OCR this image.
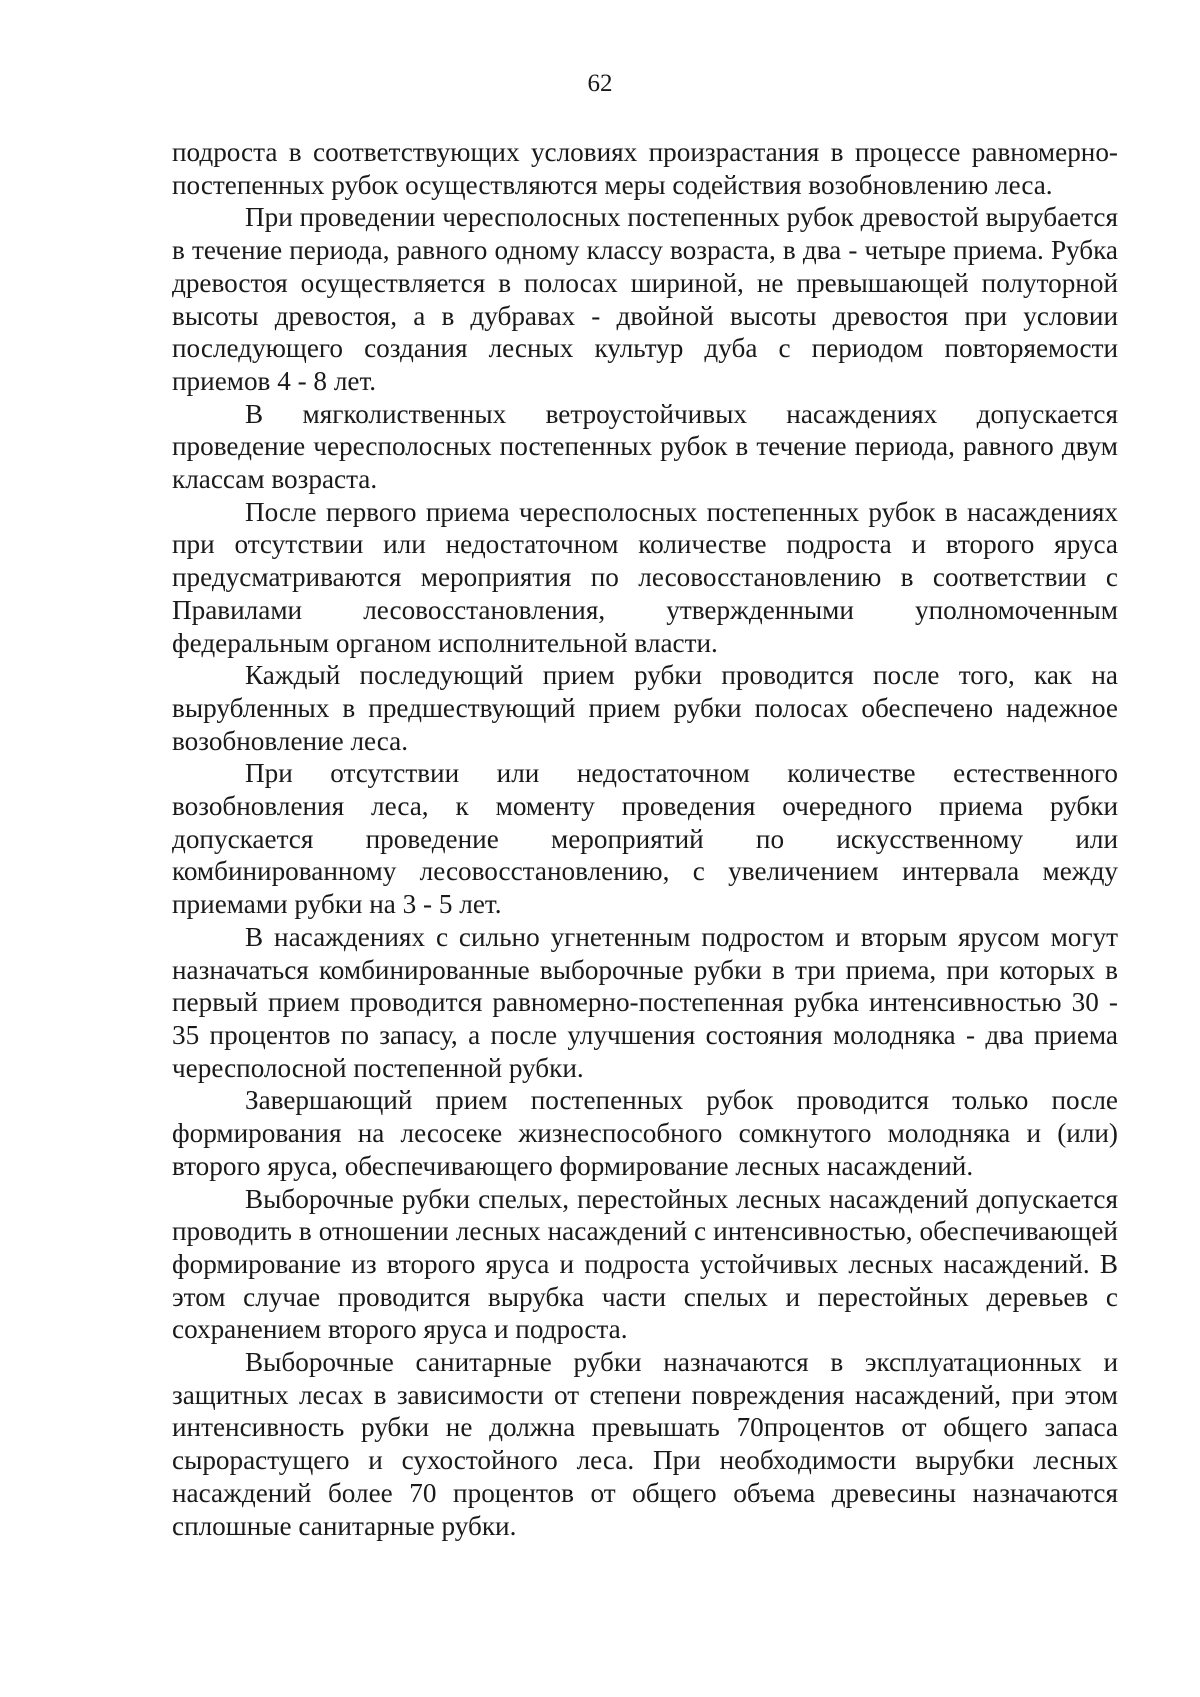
62

подроста в соответствующих условиях произрастания в процессе равномерно-постепенных рубок осуществляются меры содействия возобновлению леса.

При проведении чересполосных постепенных рубок древостой вырубается в течение периода, равного одному классу возраста, в два - четыре приема. Рубка древостоя осуществляется в полосах шириной, не превышающей полуторной высоты древостоя, а в дубравах - двойной высоты древостоя при условии последующего создания лесных культур дуба с периодом повторяемости приемов 4 - 8 лет.

В мягколиственных ветроустойчивых насаждениях допускается проведение чересполосных постепенных рубок в течение периода, равного двум классам возраста.

После первого приема чересполосных постепенных рубок в насаждениях при отсутствии или недостаточном количестве подроста и второго яруса предусматриваются мероприятия по лесовосстановлению в соответствии с Правилами лесовосстановления, утвержденными уполномоченным федеральным органом исполнительной власти.

Каждый последующий прием рубки проводится после того, как на вырубленных в предшествующий прием рубки полосах обеспечено надежное возобновление леса.

При отсутствии или недостаточном количестве естественного возобновления леса, к моменту проведения очередного приема рубки допускается проведение мероприятий по искусственному или комбинированному лесовосстановлению, с увеличением интервала между приемами рубки на 3 - 5 лет.

В насаждениях с сильно угнетенным подростом и вторым ярусом могут назначаться комбинированные выборочные рубки в три приема, при которых в первый прием проводится равномерно-постепенная рубка интенсивностью 30 - 35 процентов по запасу, а после улучшения состояния молодняка - два приема чересполосной постепенной рубки.

Завершающий прием постепенных рубок проводится только после формирования на лесосеке жизнеспособного сомкнутого молодняка и (или) второго яруса, обеспечивающего формирование лесных насаждений.

Выборочные рубки спелых, перестойных лесных насаждений допускается проводить в отношении лесных насаждений с интенсивностью, обеспечивающей формирование из второго яруса и подроста устойчивых лесных насаждений. В этом случае проводится вырубка части спелых и перестойных деревьев с сохранением второго яруса и подроста.

Выборочные санитарные рубки назначаются в эксплуатационных и защитных лесах в зависимости от степени повреждения насаждений, при этом интенсивность рубки не должна превышать 70процентов от общего запаса сырорастущего и сухостойного леса. При необходимости вырубки лесных насаждений более 70 процентов от общего объема древесины назначаются сплошные санитарные рубки.
